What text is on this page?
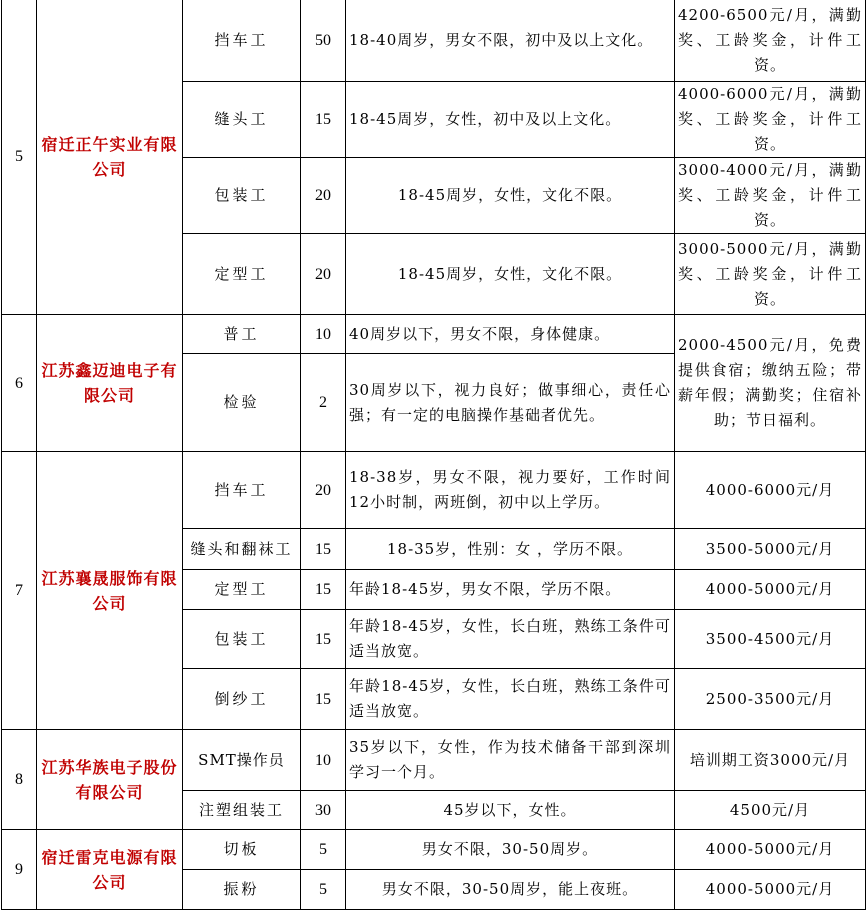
5	宿迁正午实业有限公司	挡车工	50	18-40周岁，男女不限，初中及以上文化。	4200-6500元/月，满勤奖、工龄奖金，计件工资。
		缝头工	15	18-45周岁，女性，初中及以上文化。	4000-6000元/月，满勤奖、工龄奖金，计件工资。
		包装工	20	18-45周岁，女性，文化不限。	3000-4000元/月，满勤奖、工龄奖金，计件工资。
		定型工	20	18-45周岁，女性，文化不限。	3000-5000元/月，满勤奖、工龄奖金，计件工资。
6	江苏鑫迈迪电子有限公司	普工	10	40周岁以下，男女不限，身体健康。	2000-4500元/月，免费提供食宿；缴纳五险；带薪年假；满勤奖；住宿补助；节日福利。
		检验	2	30周岁以下，视力良好；做事细心，责任心强；有一定的电脑操作基础者优先。	
7	江苏襄晟服饰有限公司	挡车工	20	18-38岁，男女不限，视力要好，工作时间12小时制，两班倒，初中以上学历。	4000-6000元/月
		缝头和翻袜工	15	18-35岁，性别：女 ，学历不限。	3500-5000元/月
		定型工	15	年龄18-45岁，男女不限，学历不限。	4000-5000元/月
		包装工	15	年龄18-45岁，女性，长白班，熟练工条件可适当放宽。	3500-4500元/月
		倒纱工	15	年龄18-45岁，女性，长白班，熟练工条件可适当放宽。	2500-3500元/月
8	江苏华族电子股份有限公司	SMT操作员	10	35岁以下，女性，作为技术储备干部到深圳学习一个月。	培训期工资3000元/月
		注塑组装工	30	45岁以下，女性。	4500元/月
9	宿迁雷克电源有限公司	切板	5	男女不限，30-50周岁。	4000-5000元/月
		振粉	5	男女不限，30-50周岁，能上夜班。	4000-5000元/月
